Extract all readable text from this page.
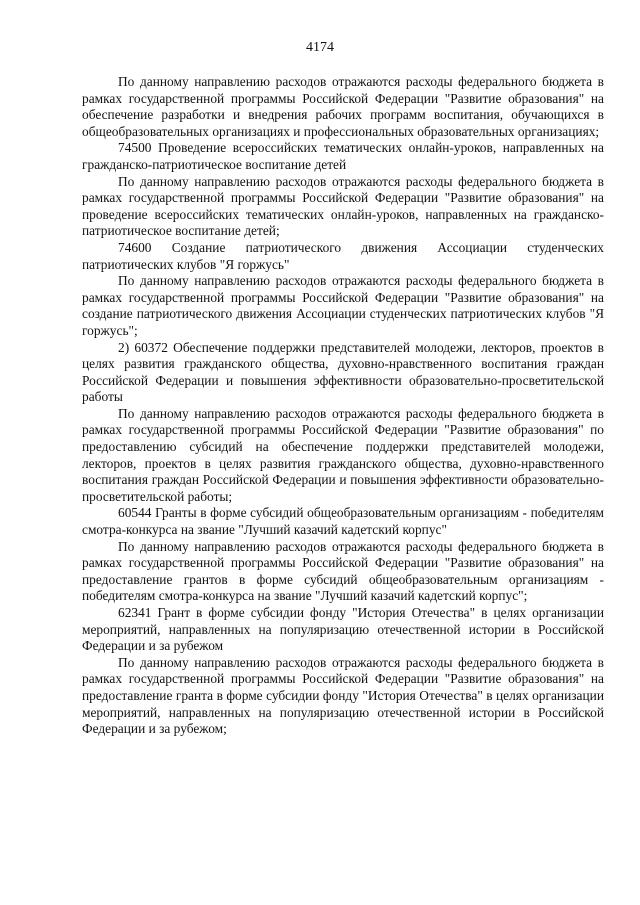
4174

По данному направлению расходов отражаются расходы федерального бюджета в рамках государственной программы Российской Федерации "Развитие образования" на обеспечение разработки и внедрения рабочих программ воспитания, обучающихся в общеобразовательных организациях и профессиональных образовательных организациях;

74500 Проведение всероссийских тематических онлайн-уроков, направленных на гражданско-патриотическое воспитание детей

По данному направлению расходов отражаются расходы федерального бюджета в рамках государственной программы Российской Федерации "Развитие образования" на проведение всероссийских тематических онлайн-уроков, направленных на гражданско-патриотическое воспитание детей;

74600 Создание патриотического движения Ассоциации студенческих патриотических клубов "Я горжусь"

По данному направлению расходов отражаются расходы федерального бюджета в рамках государственной программы Российской Федерации "Развитие образования" на создание патриотического движения Ассоциации студенческих патриотических клубов "Я горжусь";

2) 60372 Обеспечение поддержки представителей молодежи, лекторов, проектов в целях развития гражданского общества, духовно-нравственного воспитания граждан Российской Федерации и повышения эффективности образовательно-просветительской работы

По данному направлению расходов отражаются расходы федерального бюджета в рамках государственной программы Российской Федерации "Развитие образования" по предоставлению субсидий на обеспечение поддержки представителей молодежи, лекторов, проектов в целях развития гражданского общества, духовно-нравственного воспитания граждан Российской Федерации и повышения эффективности образовательно-просветительской работы;

60544 Гранты в форме субсидий общеобразовательным организациям - победителям смотра-конкурса на звание "Лучший казачий кадетский корпус"

По данному направлению расходов отражаются расходы федерального бюджета в рамках государственной программы Российской Федерации "Развитие образования" на предоставление грантов в форме субсидий общеобразовательным организациям - победителям смотра-конкурса на звание "Лучший казачий кадетский корпус";

62341 Грант в форме субсидии фонду "История Отечества" в целях организации мероприятий, направленных на популяризацию отечественной истории в Российской Федерации и за рубежом

По данному направлению расходов отражаются расходы федерального бюджета в рамках государственной программы Российской Федерации "Развитие образования" на предоставление гранта в форме субсидии фонду "История Отечества" в целях организации мероприятий, направленных на популяризацию отечественной истории в Российской Федерации и за рубежом;
